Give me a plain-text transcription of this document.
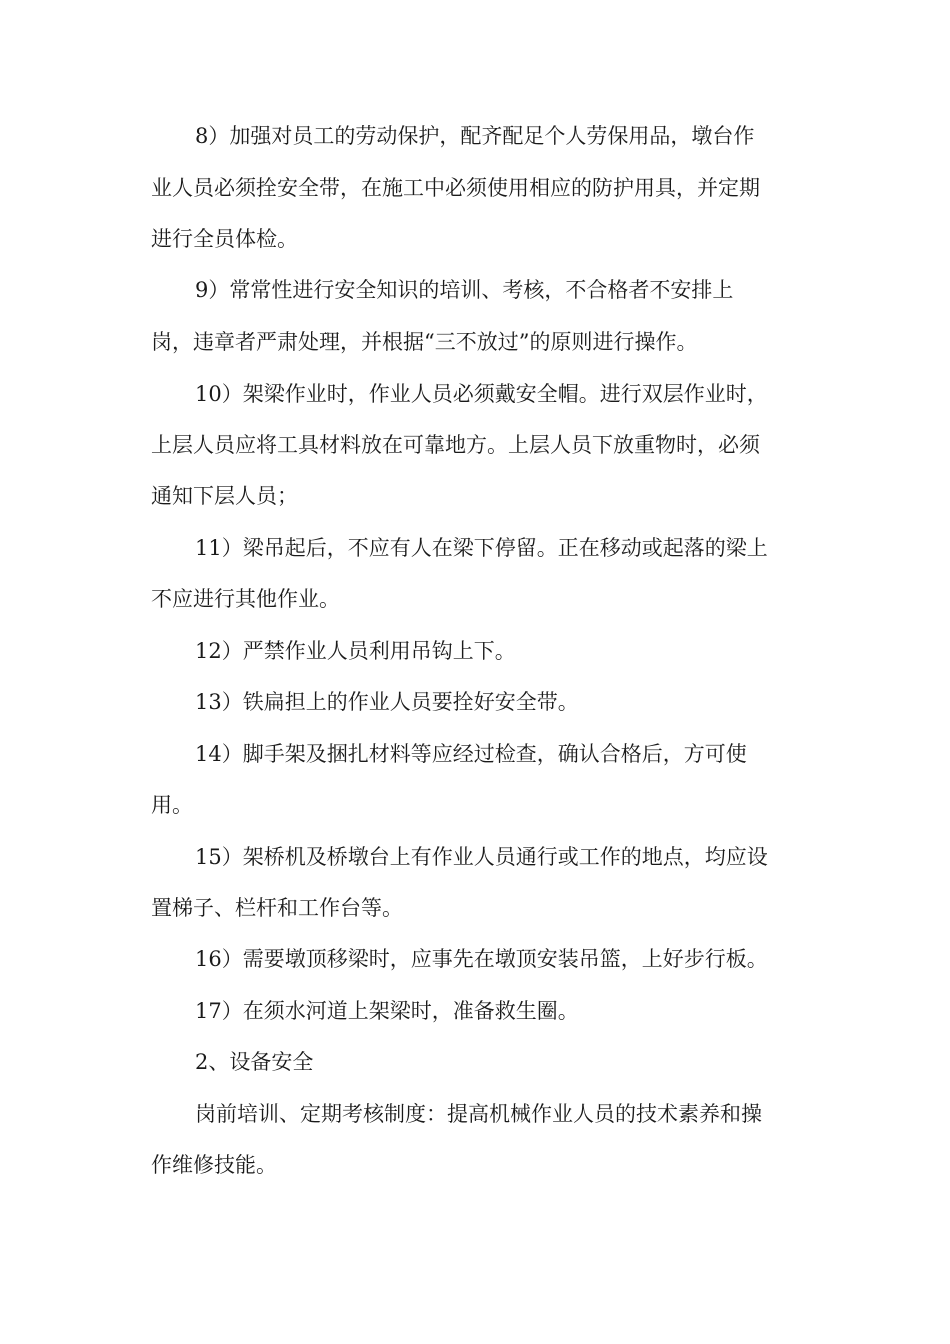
8）加强对员工的劳动保护，配齐配足个人劳保用品，墩台作

业人员必须拴安全带，在施工中必须使用相应的防护用具，并定期

进行全员体检。

9）常常性进行安全知识的培训、考核，不合格者不安排上

岗，违章者严肃处理，并根据“三不放过”的原则进行操作。

10）架梁作业时，作业人员必须戴安全帽。进行双层作业时，

上层人员应将工具材料放在可靠地方。上层人员下放重物时，必须

通知下层人员；

11）梁吊起后，不应有人在梁下停留。正在移动或起落的梁上

不应进行其他作业。

12）严禁作业人员利用吊钩上下。

13）铁扁担上的作业人员要拴好安全带。

14）脚手架及捆扎材料等应经过检查，确认合格后，方可使

用。

15）架桥机及桥墩台上有作业人员通行或工作的地点，均应设

置梯子、栏杆和工作台等。

16）需要墩顶移梁时，应事先在墩顶安装吊篮，上好步行板。

17）在须水河道上架梁时，准备救生圈。

2、设备安全

岗前培训、定期考核制度：提高机械作业人员的技术素养和操

作维修技能。
